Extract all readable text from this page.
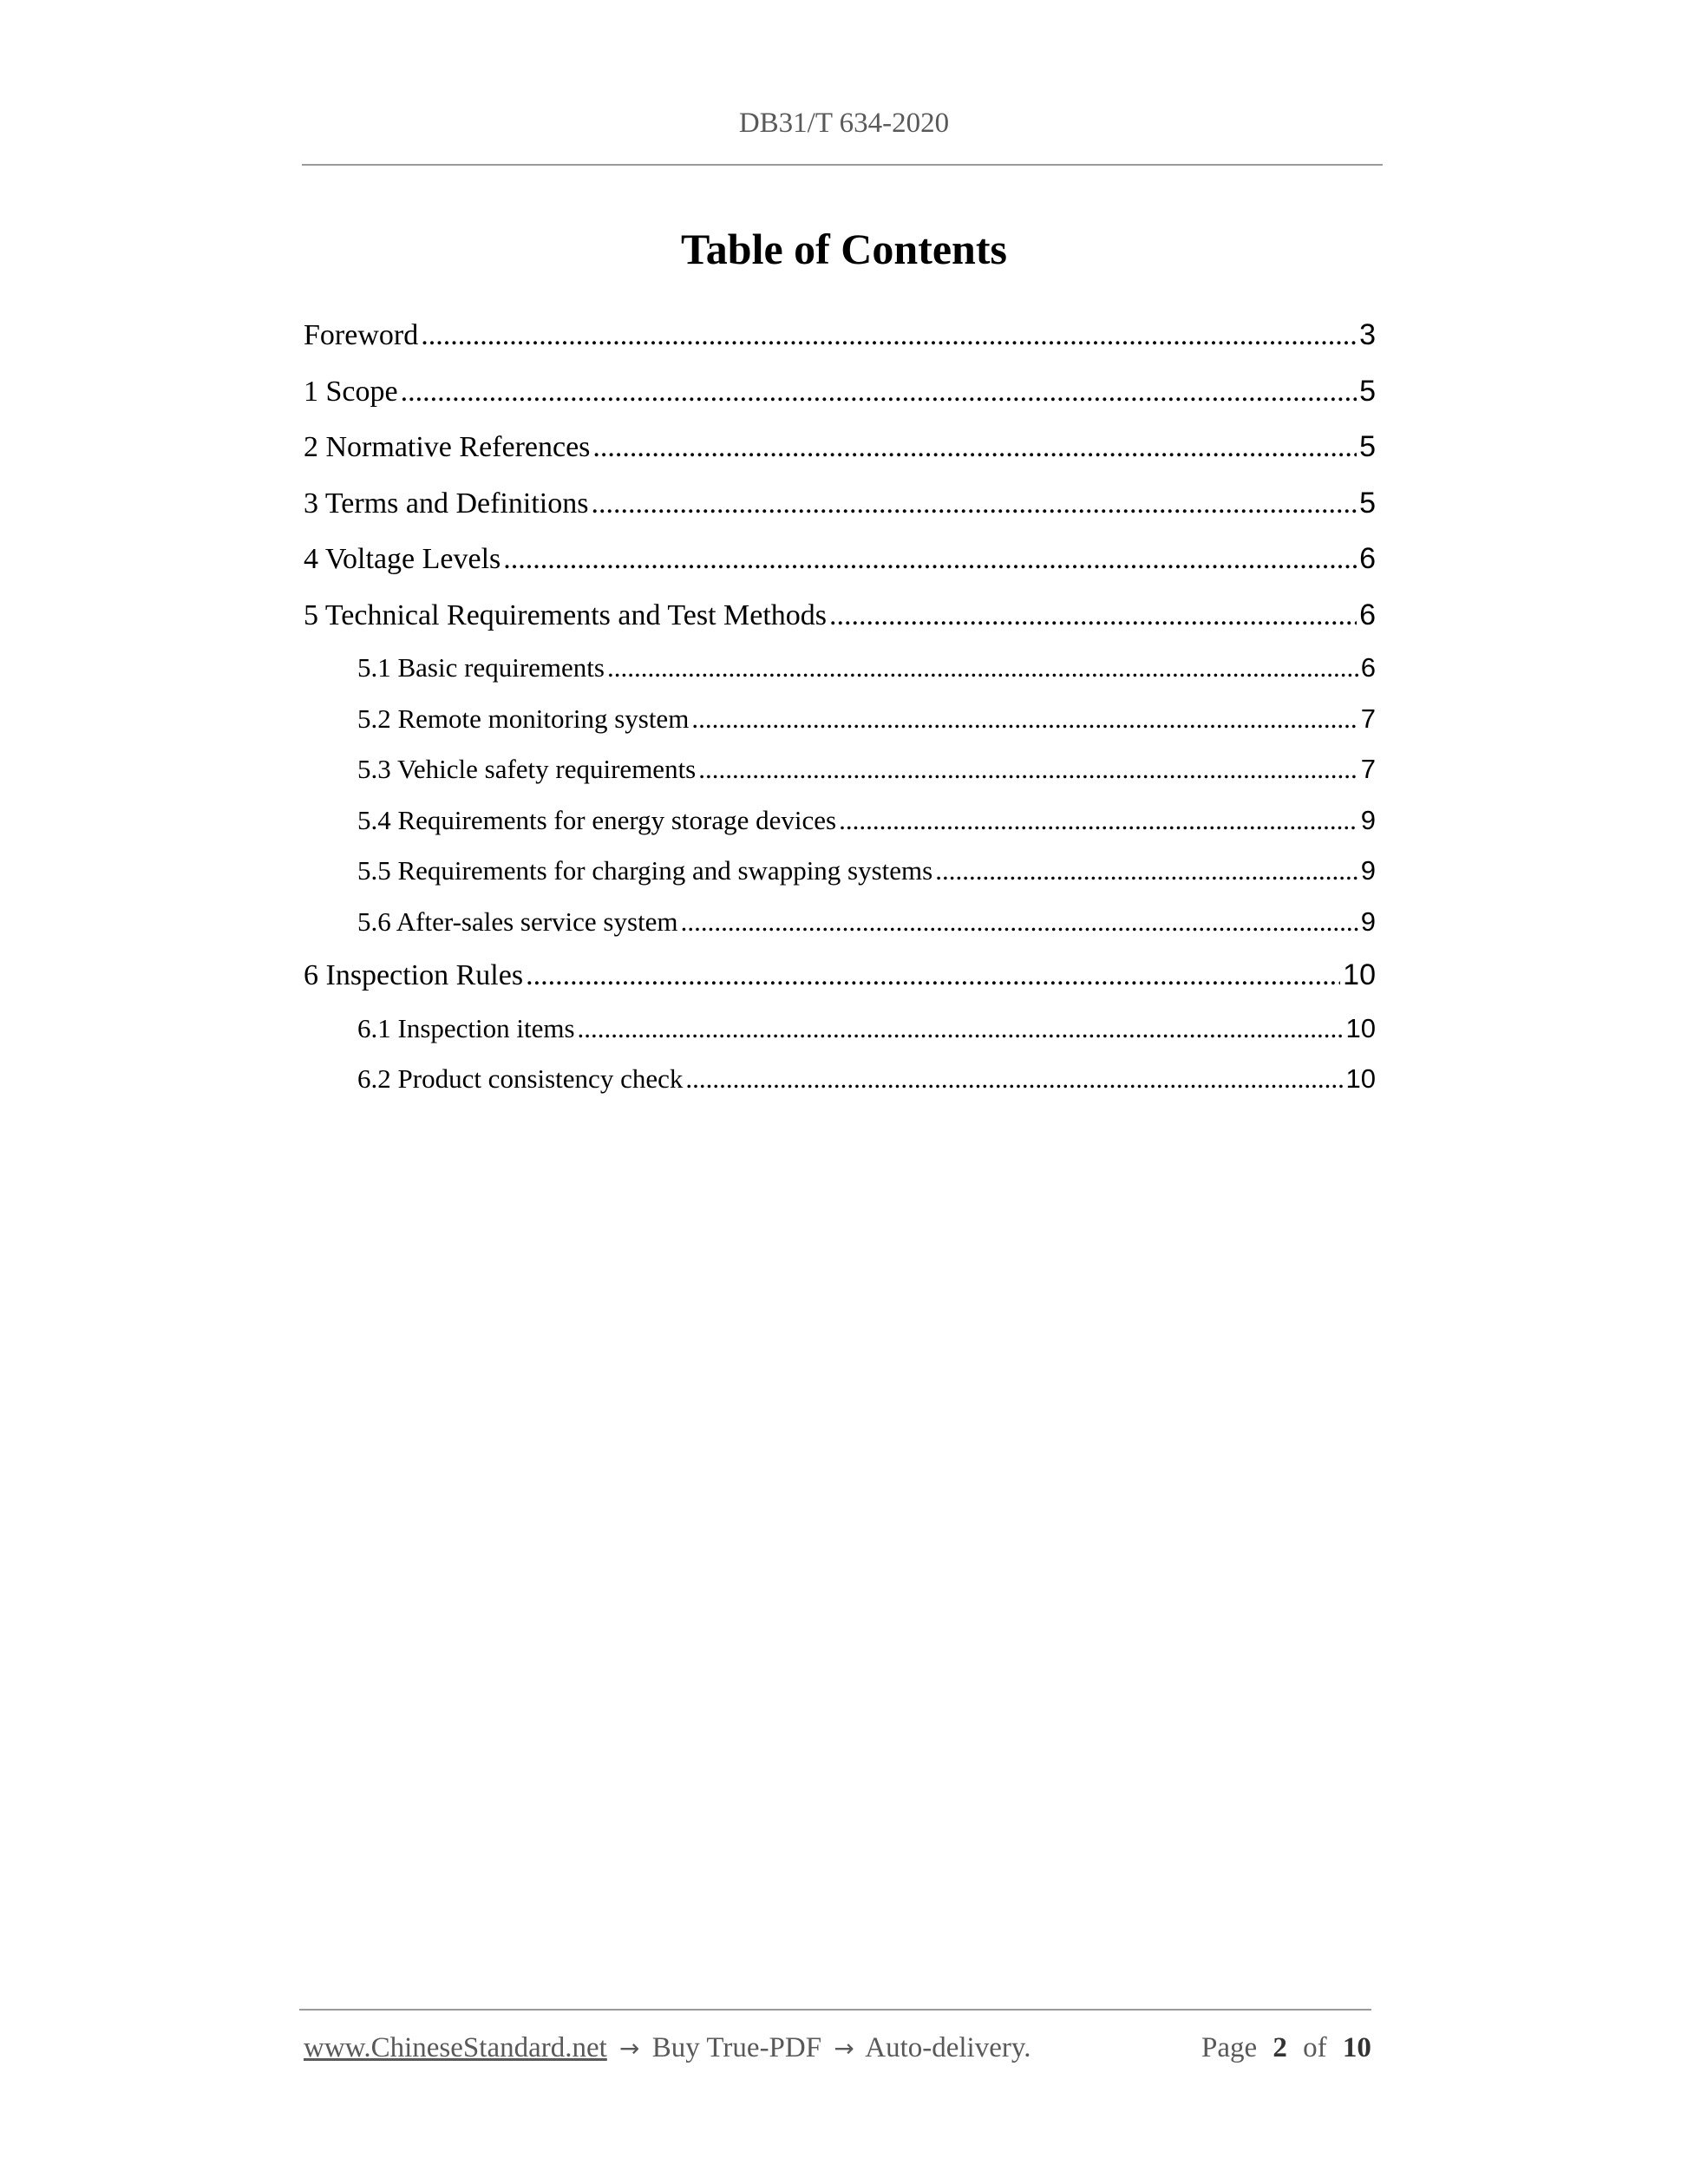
DB31/T 634-2020
Table of Contents
Foreword .....	3
1 Scope .....	5
2 Normative References .....	5
3 Terms and Definitions .....	5
4 Voltage Levels .....	6
5 Technical Requirements and Test Methods .....	6
5.1 Basic requirements .....	6
5.2 Remote monitoring system .....	7
5.3 Vehicle safety requirements .....	7
5.4 Requirements for energy storage devices .....	9
5.5 Requirements for charging and swapping systems .....	9
5.6 After-sales service system .....	9
6 Inspection Rules .....	10
6.1 Inspection items .....	10
6.2 Product consistency check .....	10
www.ChineseStandard.net → Buy True-PDF → Auto-delivery.	Page 2 of 10
